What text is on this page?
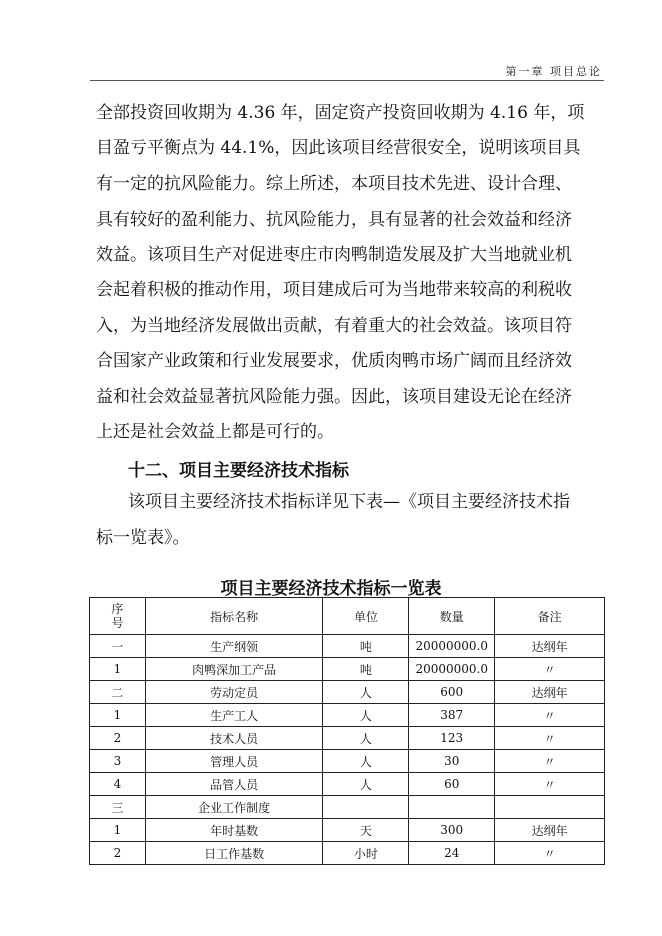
第一章 项目总论
全部投资回收期为 4.36 年，固定资产投资回收期为 4.16 年，项
目盈亏平衡点为 44.1%，因此该项目经营很安全，说明该项目具
有一定的抗风险能力。综上所述，本项目技术先进、设计合理、
具有较好的盈利能力、抗风险能力，具有显著的社会效益和经济
效益。该项目生产对促进枣庄市肉鸭制造发展及扩大当地就业机
会起着积极的推动作用，项目建成后可为当地带来较高的利税收
入，为当地经济发展做出贡献，有着重大的社会效益。该项目符
合国家产业政策和行业发展要求，优质肉鸭市场广阔而且经济效
益和社会效益显著抗风险能力强。因此，该项目建设无论在经济
上还是社会效益上都是可行的。
十二、项目主要经济技术指标
该项目主要经济技术指标详见下表—《项目主要经济技术指
标一览表》。
项目主要经济技术指标一览表
序
号	指标名称	单位	数量	备注
一	生产纲领	吨	20000000.0	达纲年
1	肉鸭深加工产品	吨	20000000.0	〃
二	劳动定员	人	600	达纲年
1	生产工人	人	387	〃
2	技术人员	人	123	〃
3	管理人员	人	30	〃
4	品管人员	人	60	〃
三	企业工作制度			
1	年时基数	天	300	达纲年
2	日工作基数	小时	24	〃
